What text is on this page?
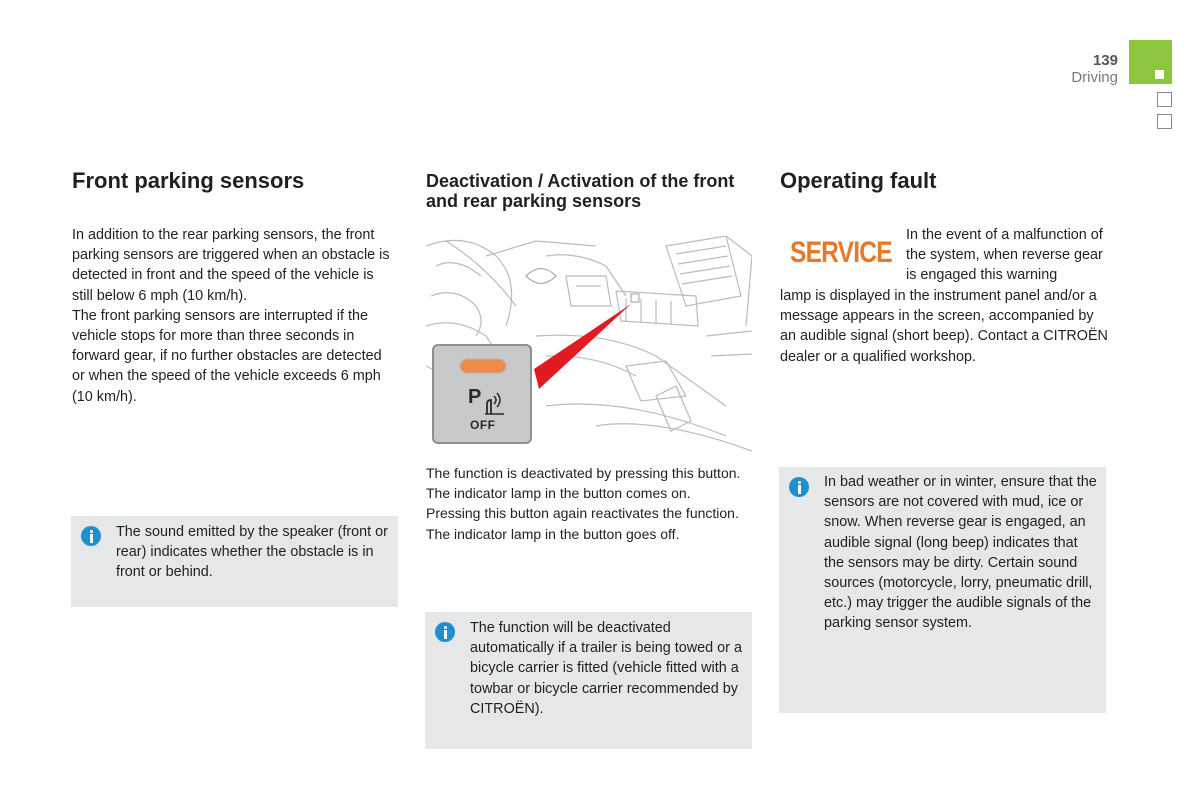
139
Driving
Front parking sensors

In addition to the rear parking sensors, the front parking sensors are triggered when an obstacle is detected in front and the speed of the vehicle is still below 6 mph (10 km/h).
The front parking sensors are interrupted if the vehicle stops for more than three seconds in forward gear, if no further obstacles are detected or when the speed of the vehicle exceeds 6 mph (10 km/h).

The sound emitted by the speaker (front or rear) indicates whether the obstacle is in front or behind.
Deactivation / Activation of the front and rear parking sensors
P
OFF

The function is deactivated by pressing this button.
The indicator lamp in the button comes on.
Pressing this button again reactivates the function.
The indicator lamp in the button goes off.

The function will be deactivated automatically if a trailer is being towed or a bicycle carrier is fitted (vehicle fitted with a towbar or bicycle carrier recommended by CITROËN).
Operating fault
SERVICE

In the event of a malfunction of the system, when reverse gear is engaged this warning

lamp is displayed in the instrument panel and/or a message appears in the screen, accompanied by an audible signal (short beep). Contact a CITROËN dealer or a qualified workshop.

In bad weather or in winter, ensure that the sensors are not covered with mud, ice or snow. When reverse gear is engaged, an audible signal (long beep) indicates that the sensors may be dirty. Certain sound sources (motorcycle, lorry, pneumatic drill, etc.) may trigger the audible signals of the parking sensor system.
